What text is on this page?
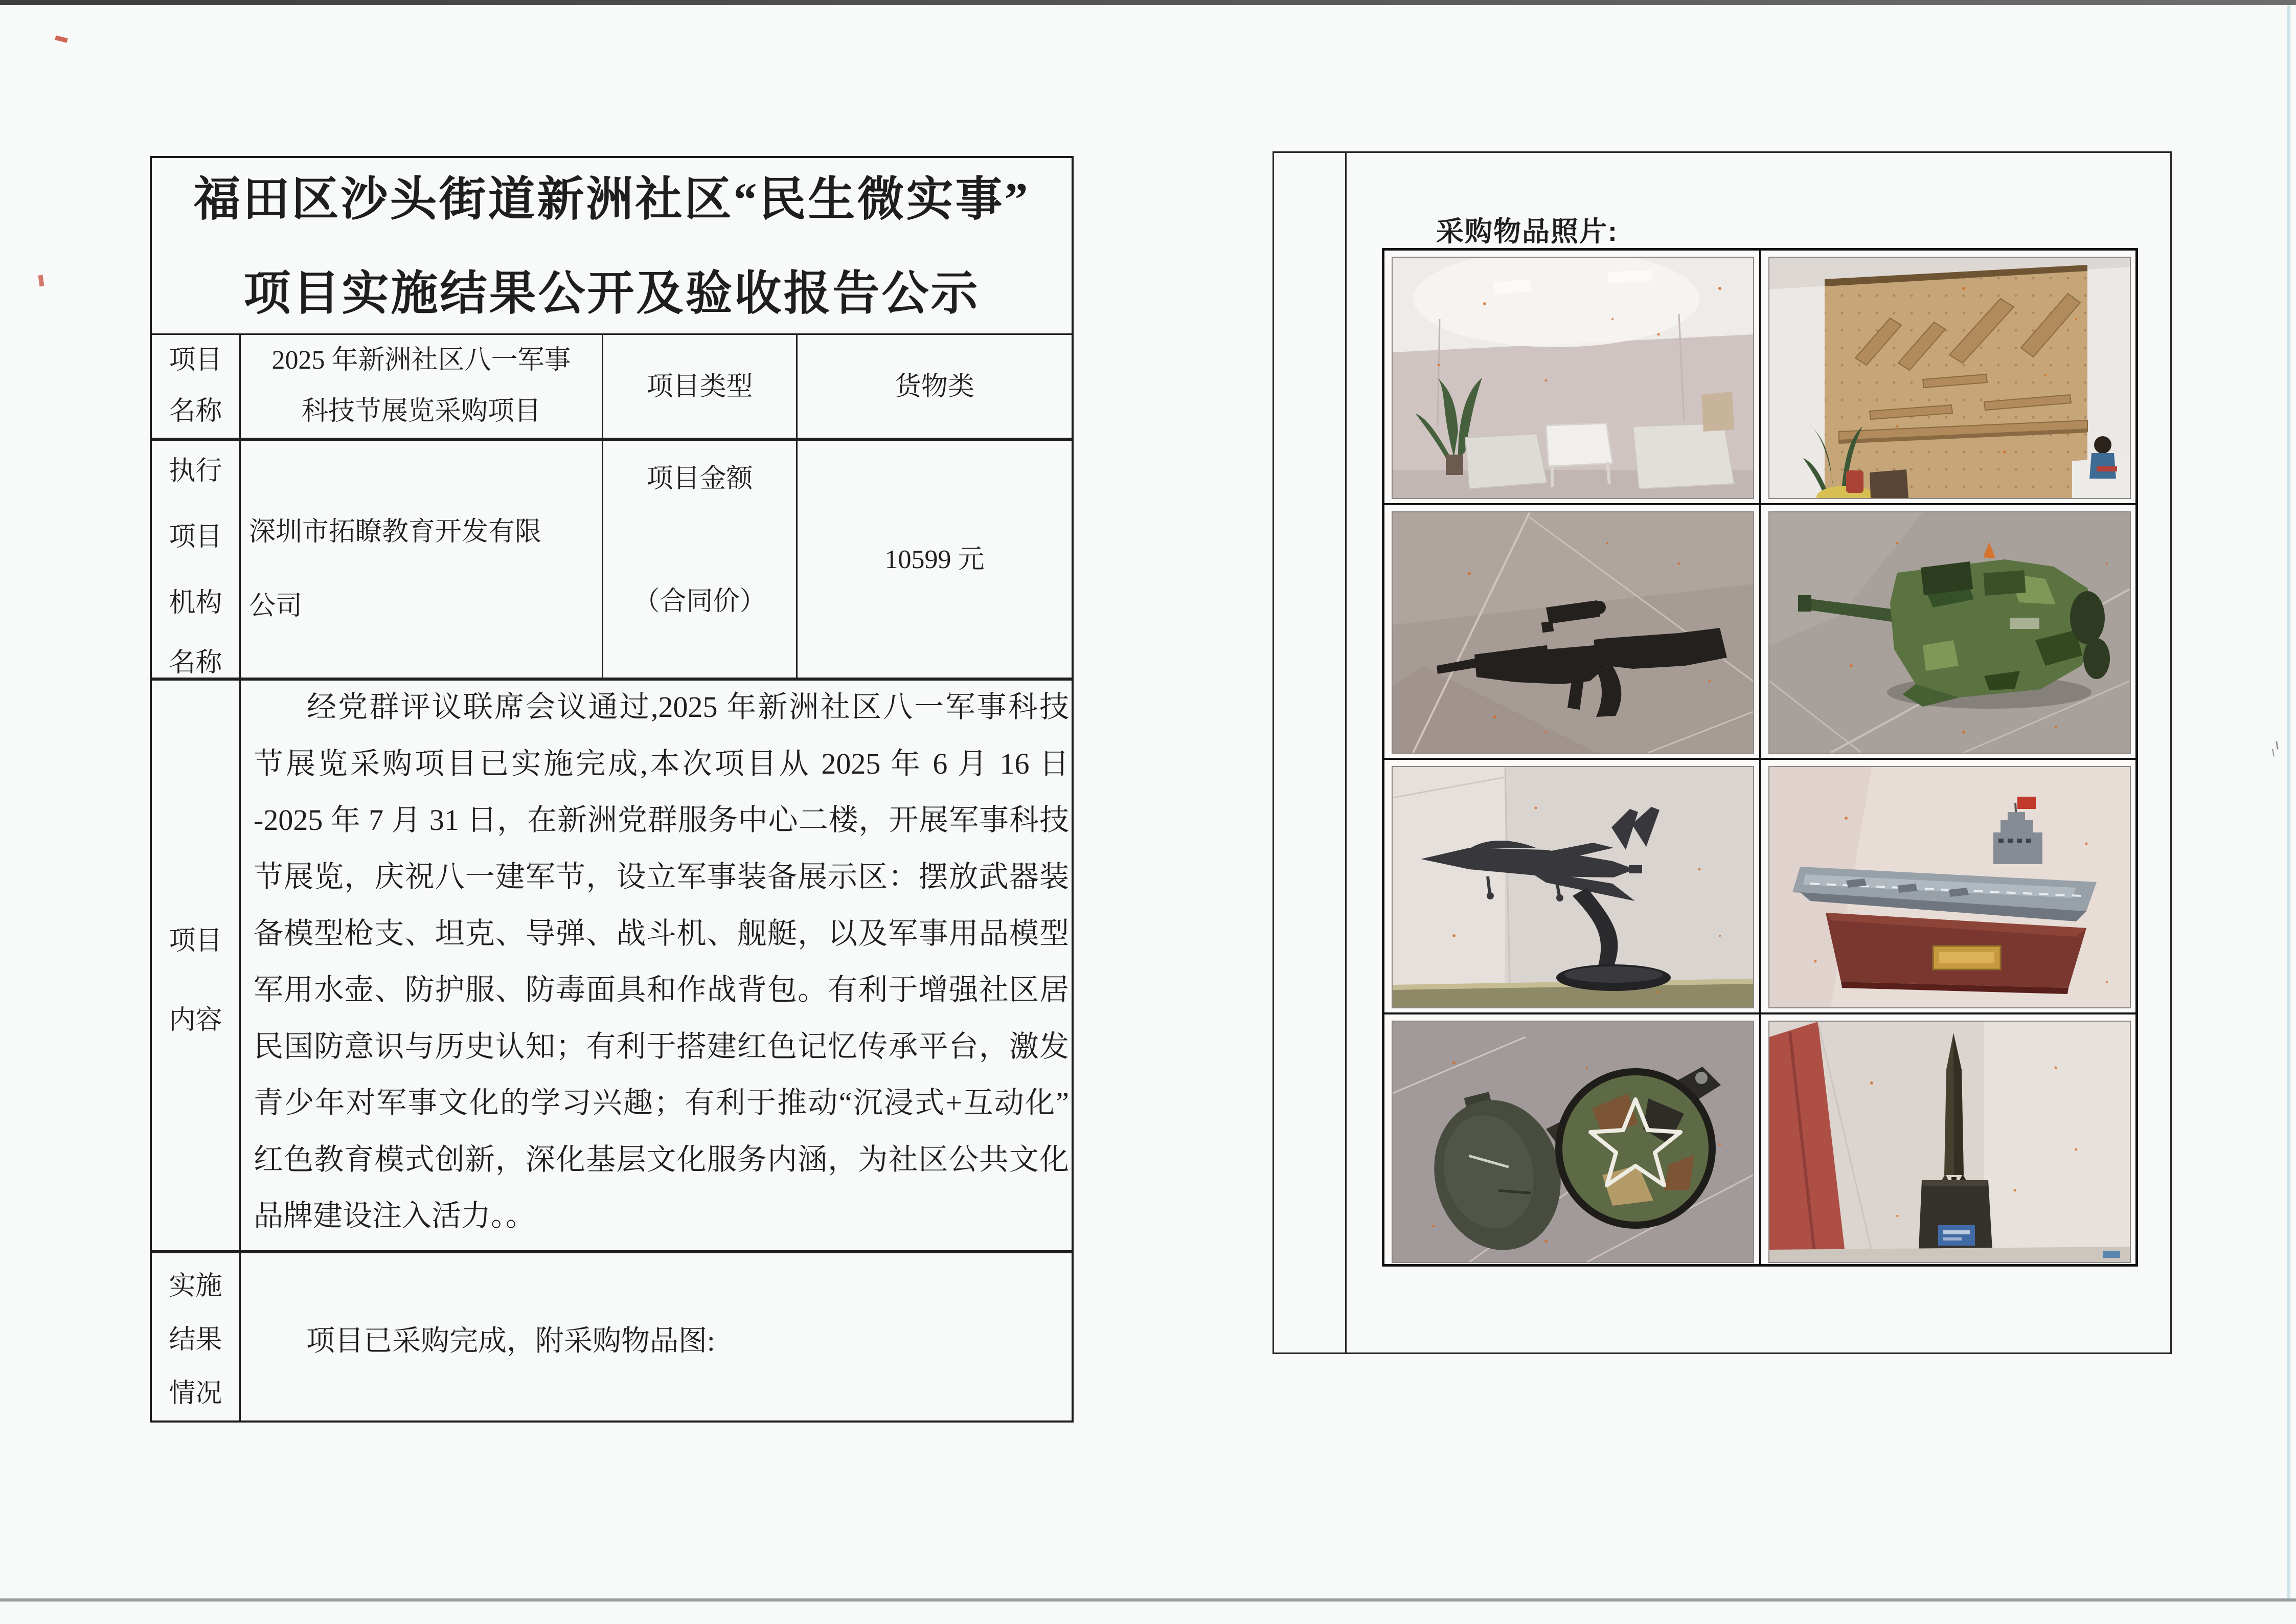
福田区沙头街道新洲社区“民生微实事”
项目实施结果公开及验收报告公示
项目
名称
2025 年新洲社区八一军事
科技节展览采购项目
项目类型	货物类
执行
项目
机构
名称
深圳市拓瞭教育开发有限
公司
项目金额
（合同价）
10599 元
项目
内容
经党群评议联席会议通过,2025 年新洲社区八一军事科技
节展览采购项目已实施完成,本次项目从 2025 年 6 月 16 日
-2025 年 7 月 31 日，在新洲党群服务中心二楼，开展军事科技
节展览，庆祝八一建军节，设立军事装备展示区：摆放武器装
备模型枪支、坦克、导弹、战斗机、舰艇，以及军事用品模型
军用水壶、防护服、防毒面具和作战背包。有利于增强社区居
民国防意识与历史认知；有利于搭建红色记忆传承平台，激发
青少年对军事文化的学习兴趣；有利于推动“沉浸式+互动化”
红色教育模式创新，深化基层文化服务内涵，为社区公共文化
品牌建设注入活力。。
实施
结果
情况
项目已采购完成，附采购物品图:
采购物品照片:
